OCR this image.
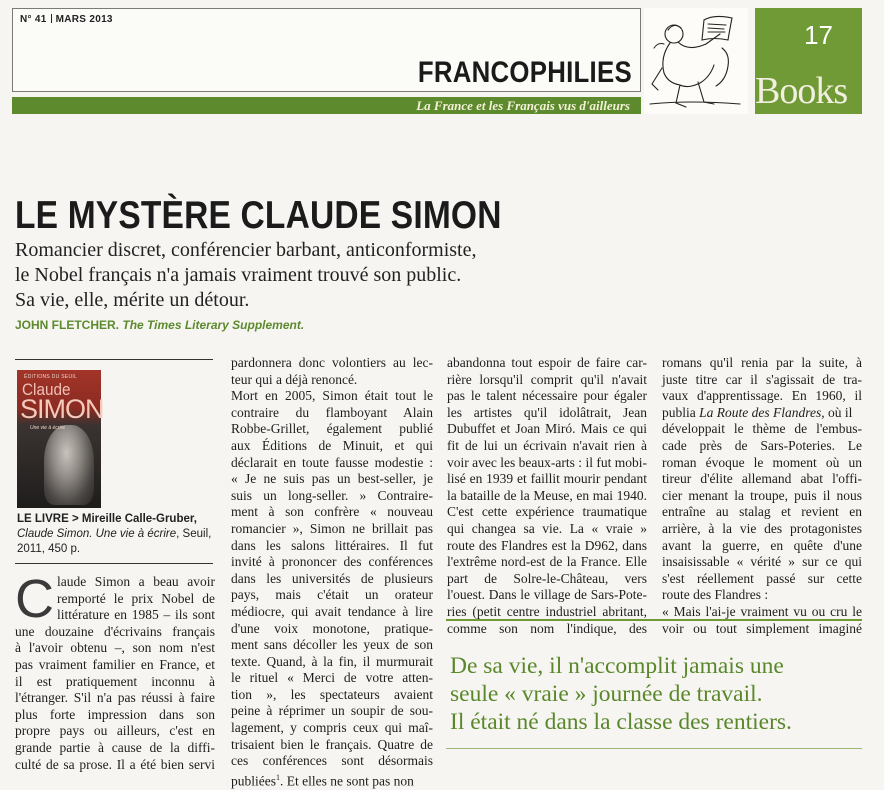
N° 41 MARS 2013
FRANCOPHILIES
La France et les Français vus d'ailleurs
17
Books
LE MYSTÈRE CLAUDE SIMON
Romancier discret, conférencier barbant, anticonformiste,
le Nobel français n'a jamais vraiment trouvé son public.
Sa vie, elle, mérite un détour.
JOHN FLETCHER. The Times Literary Supplement.
ÉDITIONS DU SEUIL
Claude
SIMON
Une vie à écrire
LE LIVRE > Mireille Calle-Gruber,
Claude Simon. Une vie à écrire, Seuil,
2011, 450 p.
C laude Simon a beau avoir
remporté le prix Nobel de
littérature en 1985 – ils sont
une douzaine d'écrivains français
à l'avoir obtenu –, son nom n'est
pas vraiment familier en France, et
il est pratiquement inconnu à
l'étranger. S'il n'a pas réussi à faire
plus forte impression dans son
propre pays ou ailleurs, c'est en
grande partie à cause de la diffi-
culté de sa prose. Il a été bien servi
pardonnera donc volontiers au lec-
teur qui a déjà renoncé.
Mort en 2005, Simon était tout le
contraire du flamboyant Alain
Robbe-Grillet, également publié
aux Éditions de Minuit, et qui
déclarait en toute fausse modestie :
« Je ne suis pas un best-seller, je
suis un long-seller. » Contraire-
ment à son confrère « nouveau
romancier », Simon ne brillait pas
dans les salons littéraires. Il fut
invité à prononcer des conférences
dans les universités de plusieurs
pays, mais c'était un orateur
médiocre, qui avait tendance à lire
d'une voix monotone, pratique-
ment sans décoller les yeux de son
texte. Quand, à la fin, il murmurait
le rituel « Merci de votre atten-
tion », les spectateurs avaient
peine à réprimer un soupir de sou-
lagement, y compris ceux qui maî-
trisaient bien le français. Quatre de
ces conférences sont désormais
publiées$^1$. Et elles ne sont pas non
abandonna tout espoir de faire car-
rière lorsqu'il comprit qu'il n'avait
pas le talent nécessaire pour égaler
les artistes qu'il idolâtrait, Jean
Dubuffet et Joan Miró. Mais ce qui
fit de lui un écrivain n'avait rien à
voir avec les beaux-arts : il fut mobi-
lisé en 1939 et faillit mourir pendant
la bataille de la Meuse, en mai 1940.
C'est cette expérience traumatique
qui changea sa vie. La « vraie »
route des Flandres est la D962, dans
l'extrême nord-est de la France. Elle
part de Solre-le-Château, vers
l'ouest. Dans le village de Sars-Pote-
ries (petit centre industriel abritant,
comme son nom l'indique, des
romans qu'il renia par la suite, à
juste titre car il s'agissait de tra-
vaux d'apprentissage. En 1960, il
publia La Route des Flandres, où il
développait le thème de l'embus-
cade près de Sars-Poteries. Le
roman évoque le moment où un
tireur d'élite allemand abat l'offi-
cier menant la troupe, puis il nous
entraîne au stalag et revient en
arrière, à la vie des protagonistes
avant la guerre, en quête d'une
insaisissable « vérité » sur ce qui
s'est réellement passé sur cette
route des Flandres :
« Mais l'ai-je vraiment vu ou cru le
voir ou tout simplement imaginé
De sa vie, il n'accomplit jamais une
seule « vraie » journée de travail.
Il était né dans la classe des rentiers.
